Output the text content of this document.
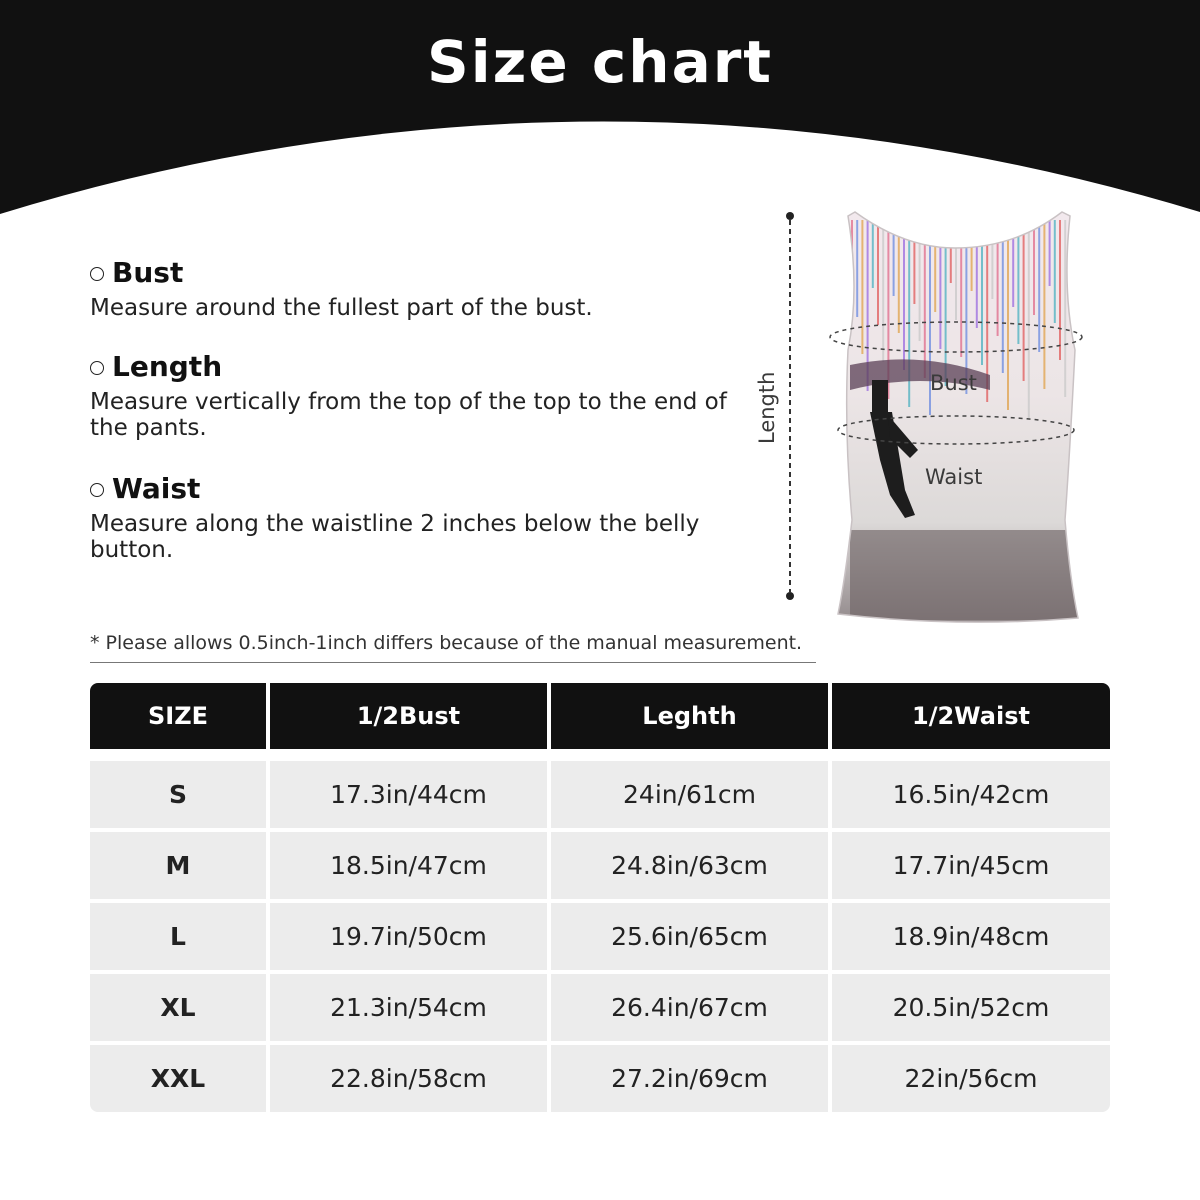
Size chart
Bust
Measure around the fullest part of the bust.
Length
Measure vertically from the top of the top to the end of the pants.
Waist
Measure along the waistline 2 inches below the belly button.
* Please allows 0.5inch-1inch differs because of the manual measurement.
Length	Bust
Waist
SIZE	1/2Bust	Leghth	1/2Waist
S	17.3in/44cm	24in/61cm	16.5in/42cm
M	18.5in/47cm	24.8in/63cm	17.7in/45cm
L	19.7in/50cm	25.6in/65cm	18.9in/48cm
XL	21.3in/54cm	26.4in/67cm	20.5in/52cm
XXL	22.8in/58cm	27.2in/69cm	22in/56cm
